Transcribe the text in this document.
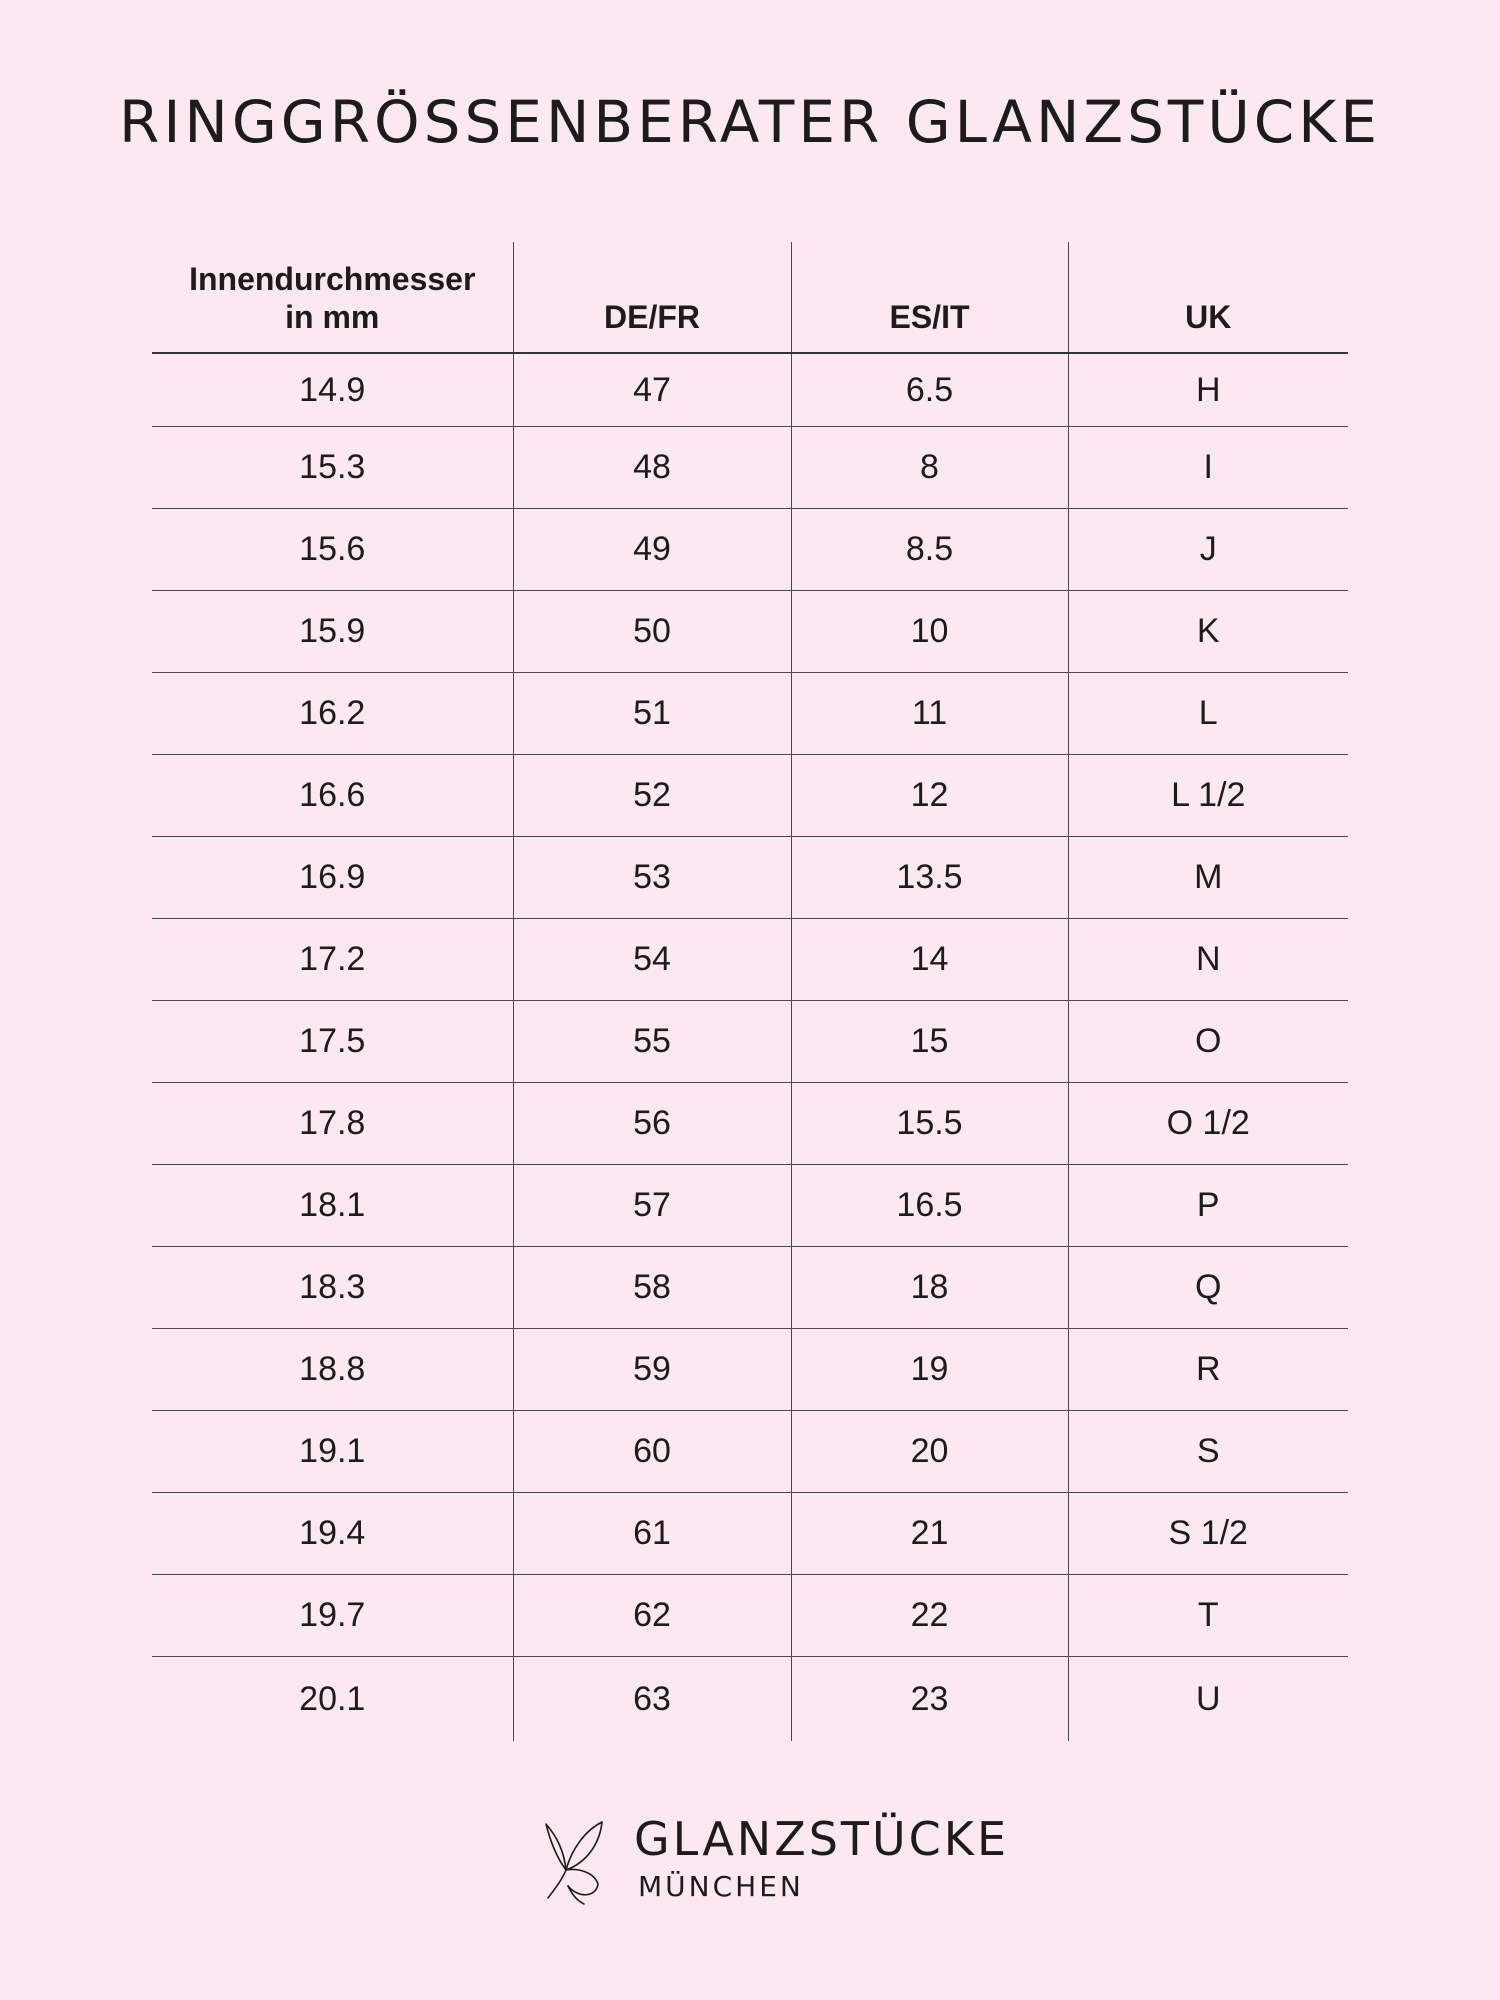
RINGGRÖSSENBERATER GLANZSTÜCKE
Innendurchmesser
in mm	DE/FR	ES/IT	UK
14.9	47	6.5	H
15.3	48	8	I
15.6	49	8.5	J
15.9	50	10	K
16.2	51	11	L
16.6	52	12	L 1/2
16.9	53	13.5	M
17.2	54	14	N
17.5	55	15	O
17.8	56	15.5	O 1/2
18.1	57	16.5	P
18.3	58	18	Q
18.8	59	19	R
19.1	60	20	S
19.4	61	21	S 1/2
19.7	62	22	T
20.1	63	23	U
GLANZSTÜCKE
MÜNCHEN
